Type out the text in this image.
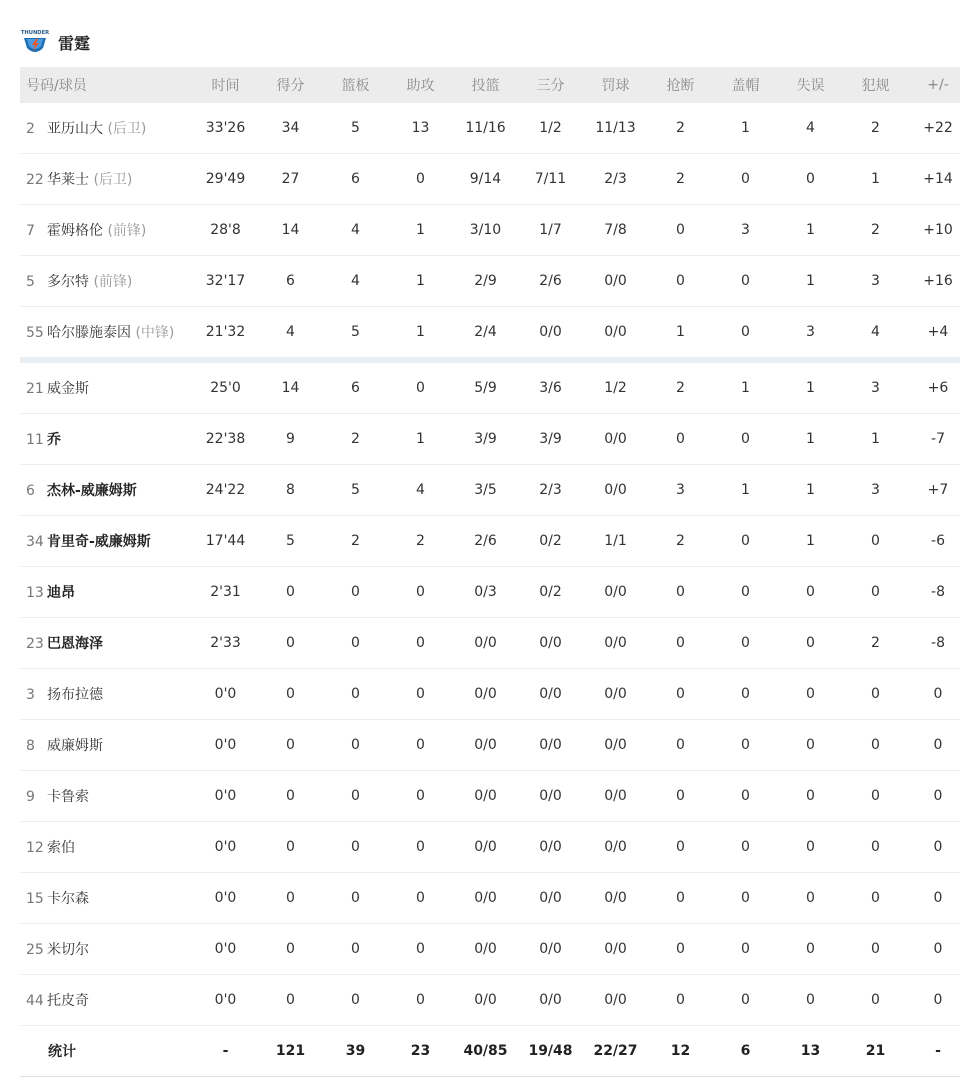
THUNDER
雷霆
号码/球员	时间	得分	篮板	助攻	投篮	三分	罚球	抢断	盖帽	失误	犯规	+/-
2 亚历山大 (后卫)	33'26	34	5	13	11/16	1/2	11/13	2	1	4	2	+22
22 华莱士 (后卫)	29'49	27	6	0	9/14	7/11	2/3	2	0	0	1	+14
7 霍姆格伦 (前锋)	28'8	14	4	1	3/10	1/7	7/8	0	3	1	2	+10
5 多尔特 (前锋)	32'17	6	4	1	2/9	2/6	0/0	0	0	1	3	+16
55 哈尔滕施泰因 (中锋)	21'32	4	5	1	2/4	0/0	0/0	1	0	3	4	+4
21 威金斯	25'0	14	6	0	5/9	3/6	1/2	2	1	1	3	+6
11 乔	22'38	9	2	1	3/9	3/9	0/0	0	0	1	1	-7
6 杰林-威廉姆斯	24'22	8	5	4	3/5	2/3	0/0	3	1	1	3	+7
34 肯里奇-威廉姆斯	17'44	5	2	2	2/6	0/2	1/1	2	0	1	0	-6
13 迪昂	2'31	0	0	0	0/3	0/2	0/0	0	0	0	0	-8
23 巴恩海泽	2'33	0	0	0	0/0	0/0	0/0	0	0	0	2	-8
3 扬布拉德	0'0	0	0	0	0/0	0/0	0/0	0	0	0	0	0
8 威廉姆斯	0'0	0	0	0	0/0	0/0	0/0	0	0	0	0	0
9 卡鲁索	0'0	0	0	0	0/0	0/0	0/0	0	0	0	0	0
12 索伯	0'0	0	0	0	0/0	0/0	0/0	0	0	0	0	0
15 卡尔森	0'0	0	0	0	0/0	0/0	0/0	0	0	0	0	0
25 米切尔	0'0	0	0	0	0/0	0/0	0/0	0	0	0	0	0
44 托皮奇	0'0	0	0	0	0/0	0/0	0/0	0	0	0	0	0
统计	-	121	39	23	40/85	19/48	22/27	12	6	13	21	-
